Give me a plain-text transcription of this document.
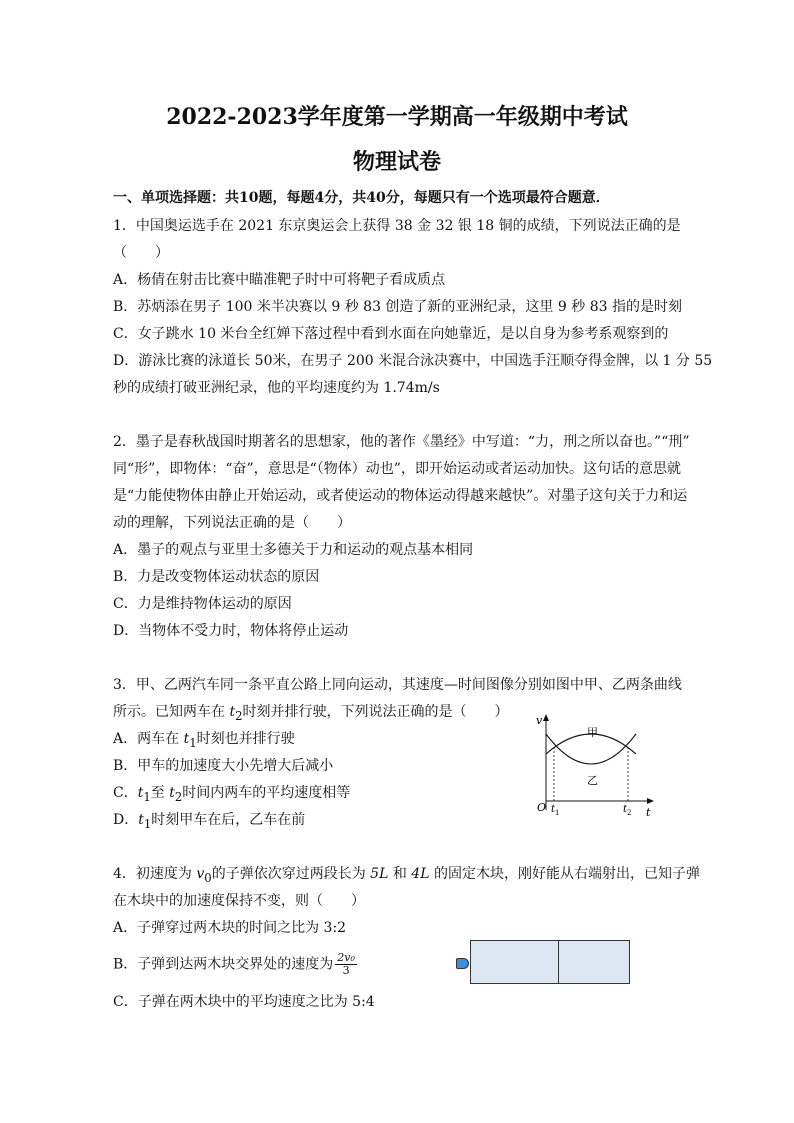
2022-2023学年度第一学期高一年级期中考试
物理试卷
一、单项选择题：共10题，每题4分，共40分，每题只有一个选项最符合题意．
1．中国奥运选手在 2021 东京奥运会上获得 38 金 32 银 18 铜的成绩，下列说法正确的是
（　　）
A．杨倩在射击比赛中瞄准靶子时中可将靶子看成质点
B．苏炳添在男子 100 米半决赛以 9 秒 83 创造了新的亚洲纪录，这里 9 秒 83 指的是时刻
C．女子跳水 10 米台全红婵下落过程中看到水面在向她靠近，是以自身为参考系观察到的
D．游泳比赛的泳道长 50米，在男子 200 米混合泳决赛中，中国选手汪顺夺得金牌，以 1 分 55
秒的成绩打破亚洲纪录，他的平均速度约为 1.74m/s
2．墨子是春秋战国时期著名的思想家，他的著作《墨经》中写道：“力，刑之所以奋也。”“刑”
同“形”，即物体：“奋”，意思是“（物体）动也”，即开始运动或者运动加快。这句话的意思就
是“力能使物体由静止开始运动，或者使运动的物体运动得越来越快”。对墨子这句关于力和运
动的理解，下列说法正确的是（　　）
A．墨子的观点与亚里士多德关于力和运动的观点基本相同
B．力是改变物体运动状态的原因
C．力是维持物体运动的原因
D．当物体不受力时，物体将停止运动
3．甲、乙两汽车同一条平直公路上同向运动，其速度—时间图像分别如图中甲、乙两条曲线
所示。已知两车在 $t_2$时刻并排行驶，下列说法正确的是（　　）
A．两车在 $t_1$时刻也并排行驶
B．甲车的加速度大小先增大后减小
C．$t_1$至 $t_2$时间内两车的平均速度相等
D．$t_1$时刻甲车在后，乙车在前
v
t
O
甲
乙
$t_1$	$t_2$
4．初速度为 $v_0$的子弹依次穿过两段长为 5L 和 4L 的固定木块，刚好能从右端射出，已知子弹
在木块中的加速度保持不变，则（　　）
A．子弹穿过两木块的时间之比为 3:2
B．子弹到达两木块交界处的速度为 $\frac{\text{2v₀}}{3}$
C．子弹在两木块中的平均速度之比为 5:4
